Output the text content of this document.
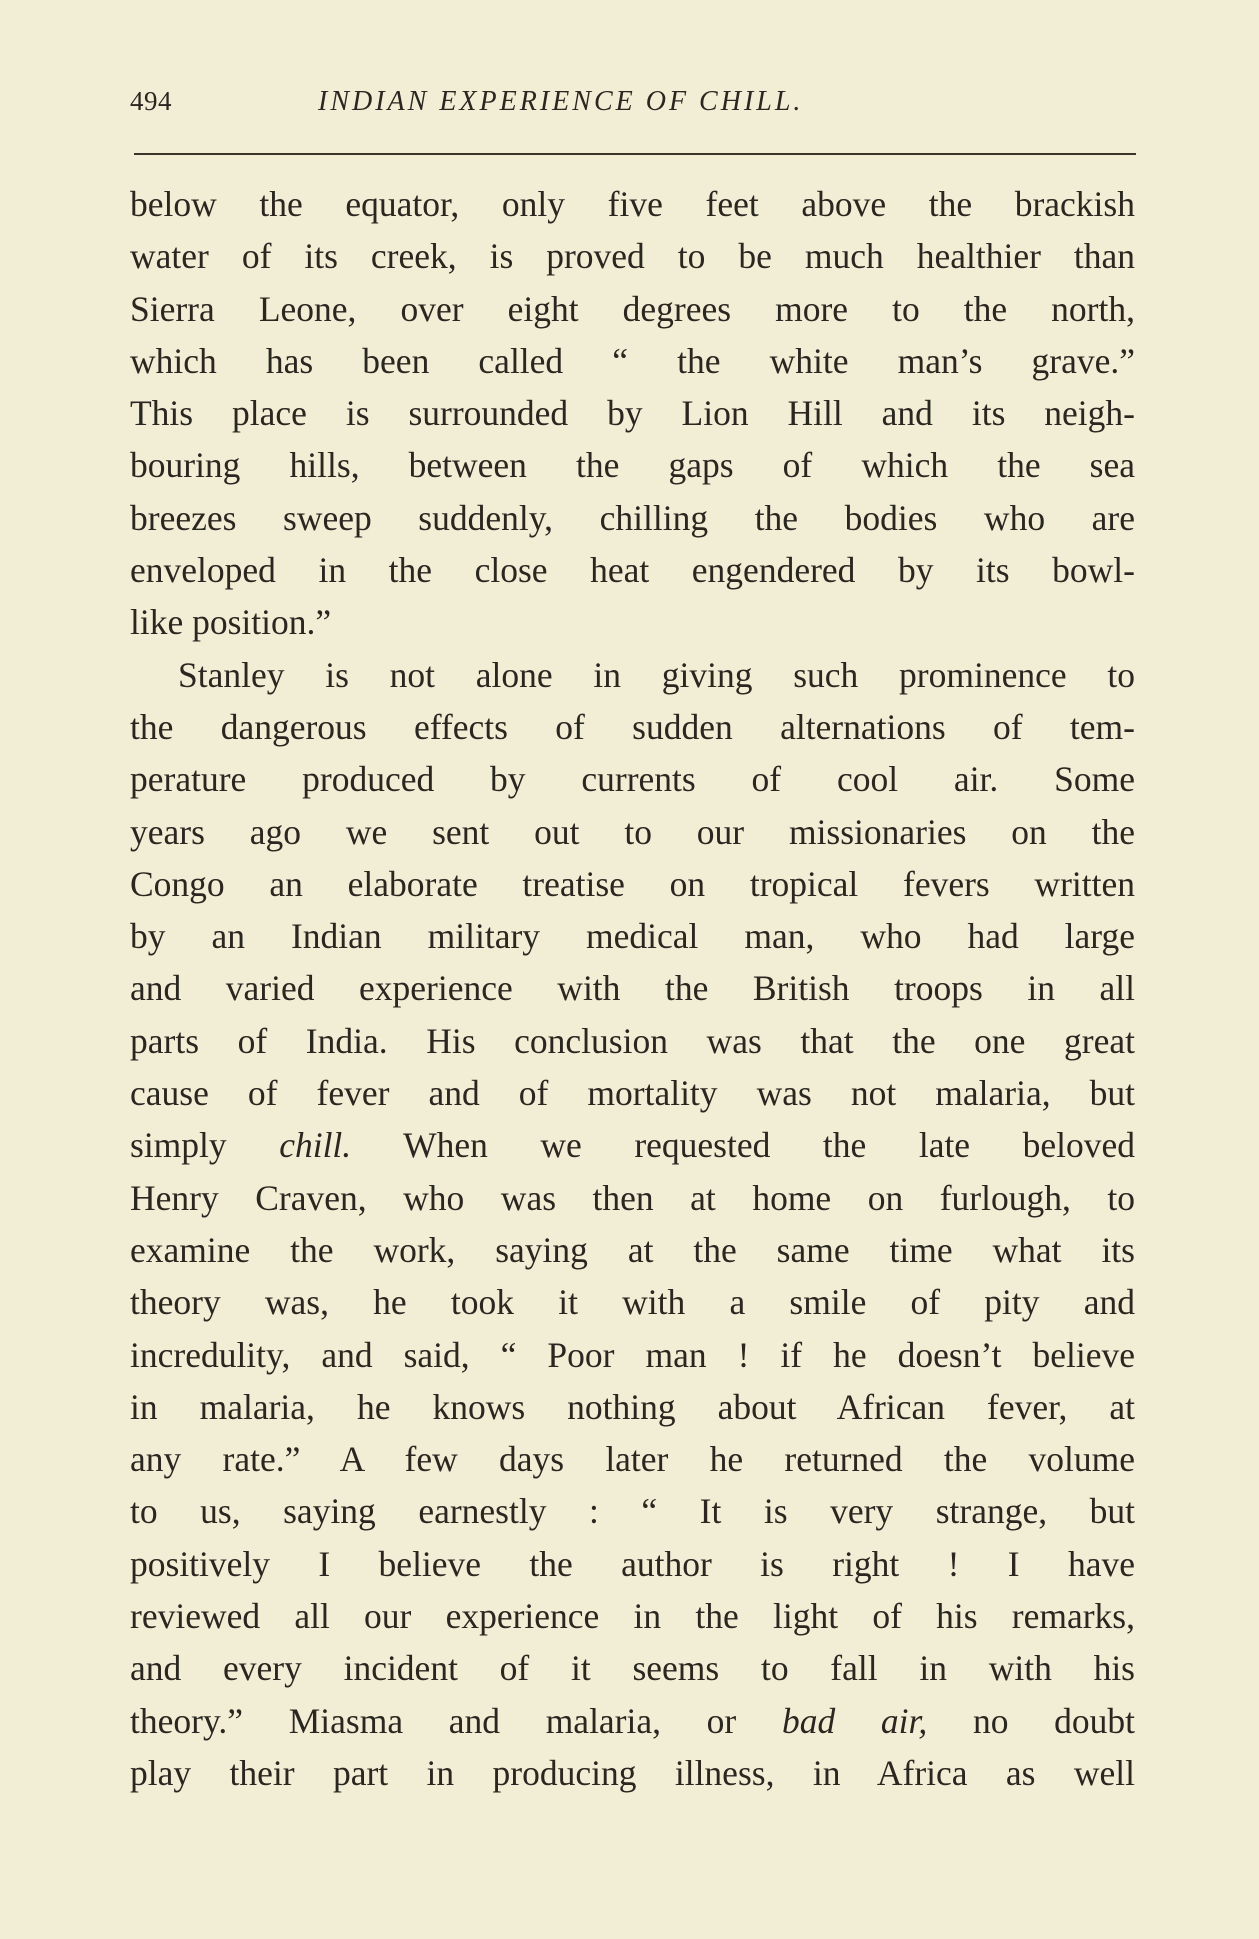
494	INDIAN EXPERIENCE OF CHILL.
below the equator, only five feet above the brackish
water of its creek, is proved to be much healthier than
Sierra Leone, over eight degrees more to the north,
which has been called “ the white man’s grave.”
This place is surrounded by Lion Hill and its neigh-
bouring hills, between the gaps of which the sea
breezes sweep suddenly, chilling the bodies who are
enveloped in the close heat engendered by its bowl-
like position.”
Stanley is not alone in giving such prominence to
the dangerous effects of sudden alternations of tem-
perature produced by currents of cool air. Some
years ago we sent out to our missionaries on the
Congo an elaborate treatise on tropical fevers written
by an Indian military medical man, who had large
and varied experience with the British troops in all
parts of India. His conclusion was that the one great
cause of fever and of mortality was not malaria, but
simply chill. When we requested the late beloved
Henry Craven, who was then at home on furlough, to
examine the work, saying at the same time what its
theory was, he took it with a smile of pity and
incredulity, and said, “ Poor man ! if he doesn’t believe
in malaria, he knows nothing about African fever, at
any rate.” A few days later he returned the volume
to us, saying earnestly : “ It is very strange, but
positively I believe the author is right ! I have
reviewed all our experience in the light of his remarks,
and every incident of it seems to fall in with his
theory.” Miasma and malaria, or bad air, no doubt
play their part in producing illness, in Africa as well
